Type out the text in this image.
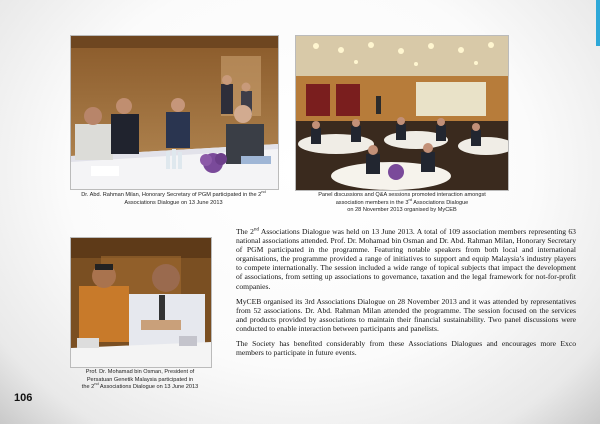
Dr. Abd. Rahman Milan, Honorary Secretary of PGM participated in the 2nd
Associations Dialogue on 13 June 2013
Panel discussions and Q&A sessions promoted interaction amongst
association members in the 3rd Associations Dialogue
on 28 November 2013 organised by MyCEB
Prof. Dr. Mohamad bin Osman, President of
Persatuan Genetik Malaysia participated in
the 2nd Associations Dialogue on 13 June 2013

The 2nd Associations Dialogue was held on 13 June 2013. A total of 109 association members representing 63 national associations attended. Prof. Dr. Mohamad bin Osman and Dr. Abd. Rahman Milan, Honorary Secretary of PGM participated in the programme. Featuring notable speakers from both local and international organisations, the programme provided a range of initiatives to support and equip Malaysia’s industry players to compete internationally. The session included a wide range of topical subjects that impact the development of associations, from setting up associations to governance, taxation and the legal framework for not-for-profit companies.

MyCEB organised its 3rd Associations Dialogue on 28 November 2013 and it was attended by representatives from 52 associations. Dr. Abd. Rahman Milan attended the programme. The session focused on the services and products provided by associations to maintain their financial sustainability. Two panel discussions were conducted to enable interaction between participants and panelists.

The Society has benefited considerably from these Associations Dialogues and encourages more Exco members to participate in future events.

106
